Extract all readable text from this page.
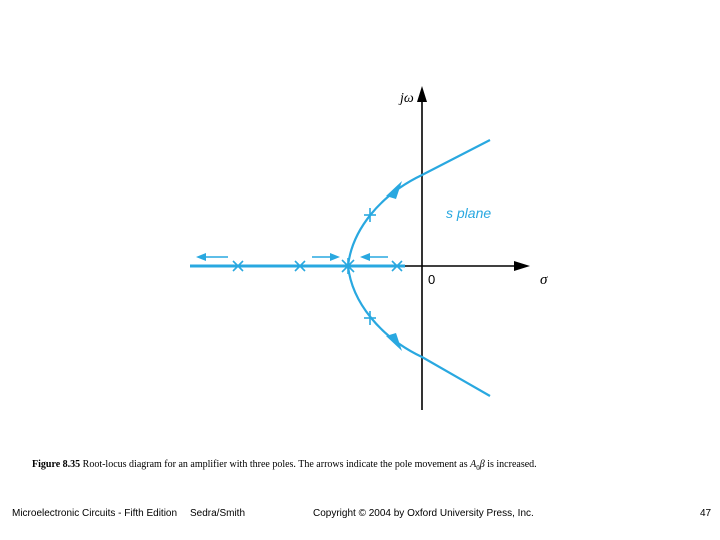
jω
σ
0
s plane
Figure 8.35 Root-locus diagram for an amplifier with three poles. The arrows indicate the pole movement as $A_0\beta$ is increased.
Microelectronic Circuits - Fifth Edition Sedra/Smith	Copyright © 2004 by Oxford University Press, Inc.	47
